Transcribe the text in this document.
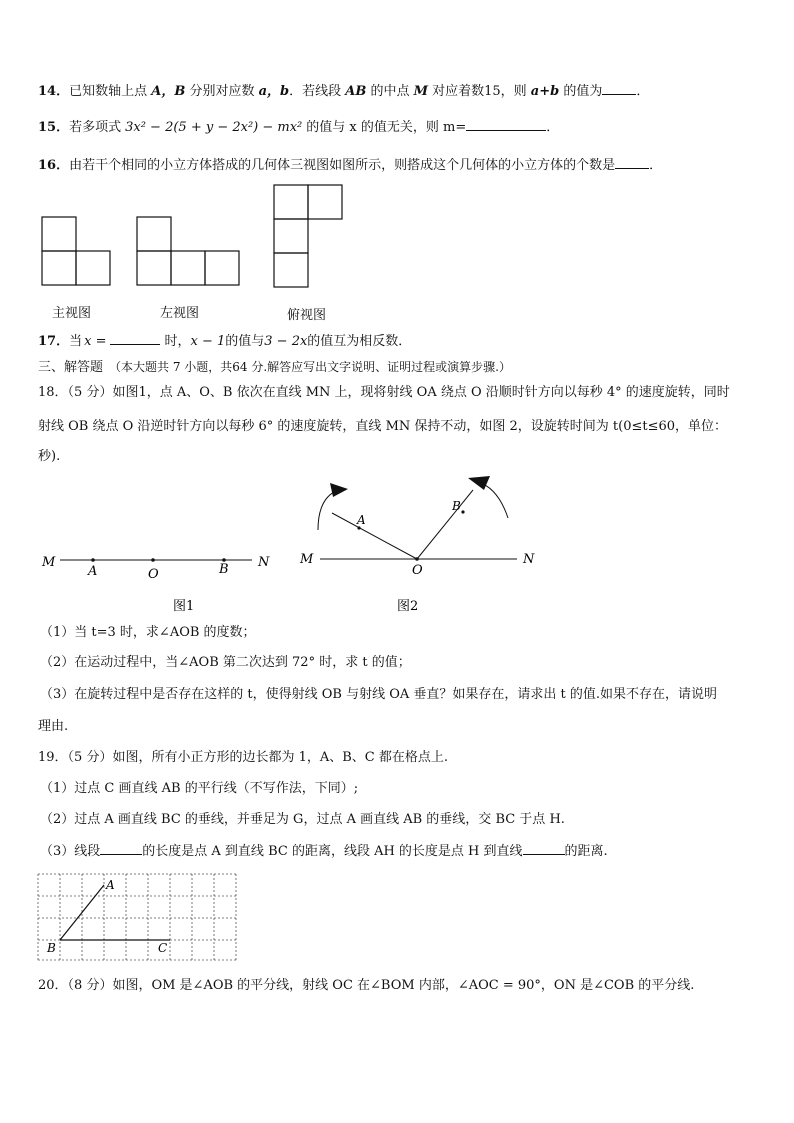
14．已知数轴上点 A，B 分别对应数 a，b．若线段 AB 的中点 M 对应着数15，则 a+b 的值为	．
15．若多项式 3x² − 2(5 + y − 2x²) − mx² 的值与 x 的值无关，则 m=	．
16．由若干个相同的小立方体搭成的几何体三视图如图所示，则搭成这个几何体的小立方体的个数是	．
主视图	左视图	俯视图
17．当 x =	时，x − 1的值与3 − 2x的值互为相反数．
三、解答题 （本大题共 7 小题，共64 分.解答应写出文字说明、证明过程或演算步骤.）
18．（5 分）如图1，点 A、O、B 依次在直线 MN 上，现将射线 OA 绕点 O 沿顺时针方向以每秒 4° 的速度旋转，同时
射线 OB 绕点 O 沿逆时针方向以每秒 6° 的速度旋转，直线 MN 保持不动，如图 2，设旋转时间为 t(0≤t≤60，单位：
秒).
M
A	O	B N M
A
B
O
N
图1	图2
（1）当 t=3 时，求∠AOB 的度数；
（2）在运动过程中，当∠AOB 第二次达到 72° 时，求 t 的值；
（3）在旋转过程中是否存在这样的 t，使得射线 OB 与射线 OA 垂直？如果存在，请求出 t 的值.如果不存在，请说明
理由.
19．（5 分）如图，所有小正方形的边长都为 1，A、B、C 都在格点上.
（1）过点 C 画直线 AB 的平行线（不写作法，下同）;
（2）过点 A 画直线 BC 的垂线，并垂足为 G，过点 A 画直线 AB 的垂线，交 BC 于点 H.
（3）线段	的长度是点 A 到直线 BC 的距离，线段 AH 的长度是点 H 到直线	的距离.
A
B	C
20．（8 分）如图，OM 是∠AOB 的平分线，射线 OC 在∠BOM 内部，∠AOC = 90°，ON 是∠COB 的平分线.
